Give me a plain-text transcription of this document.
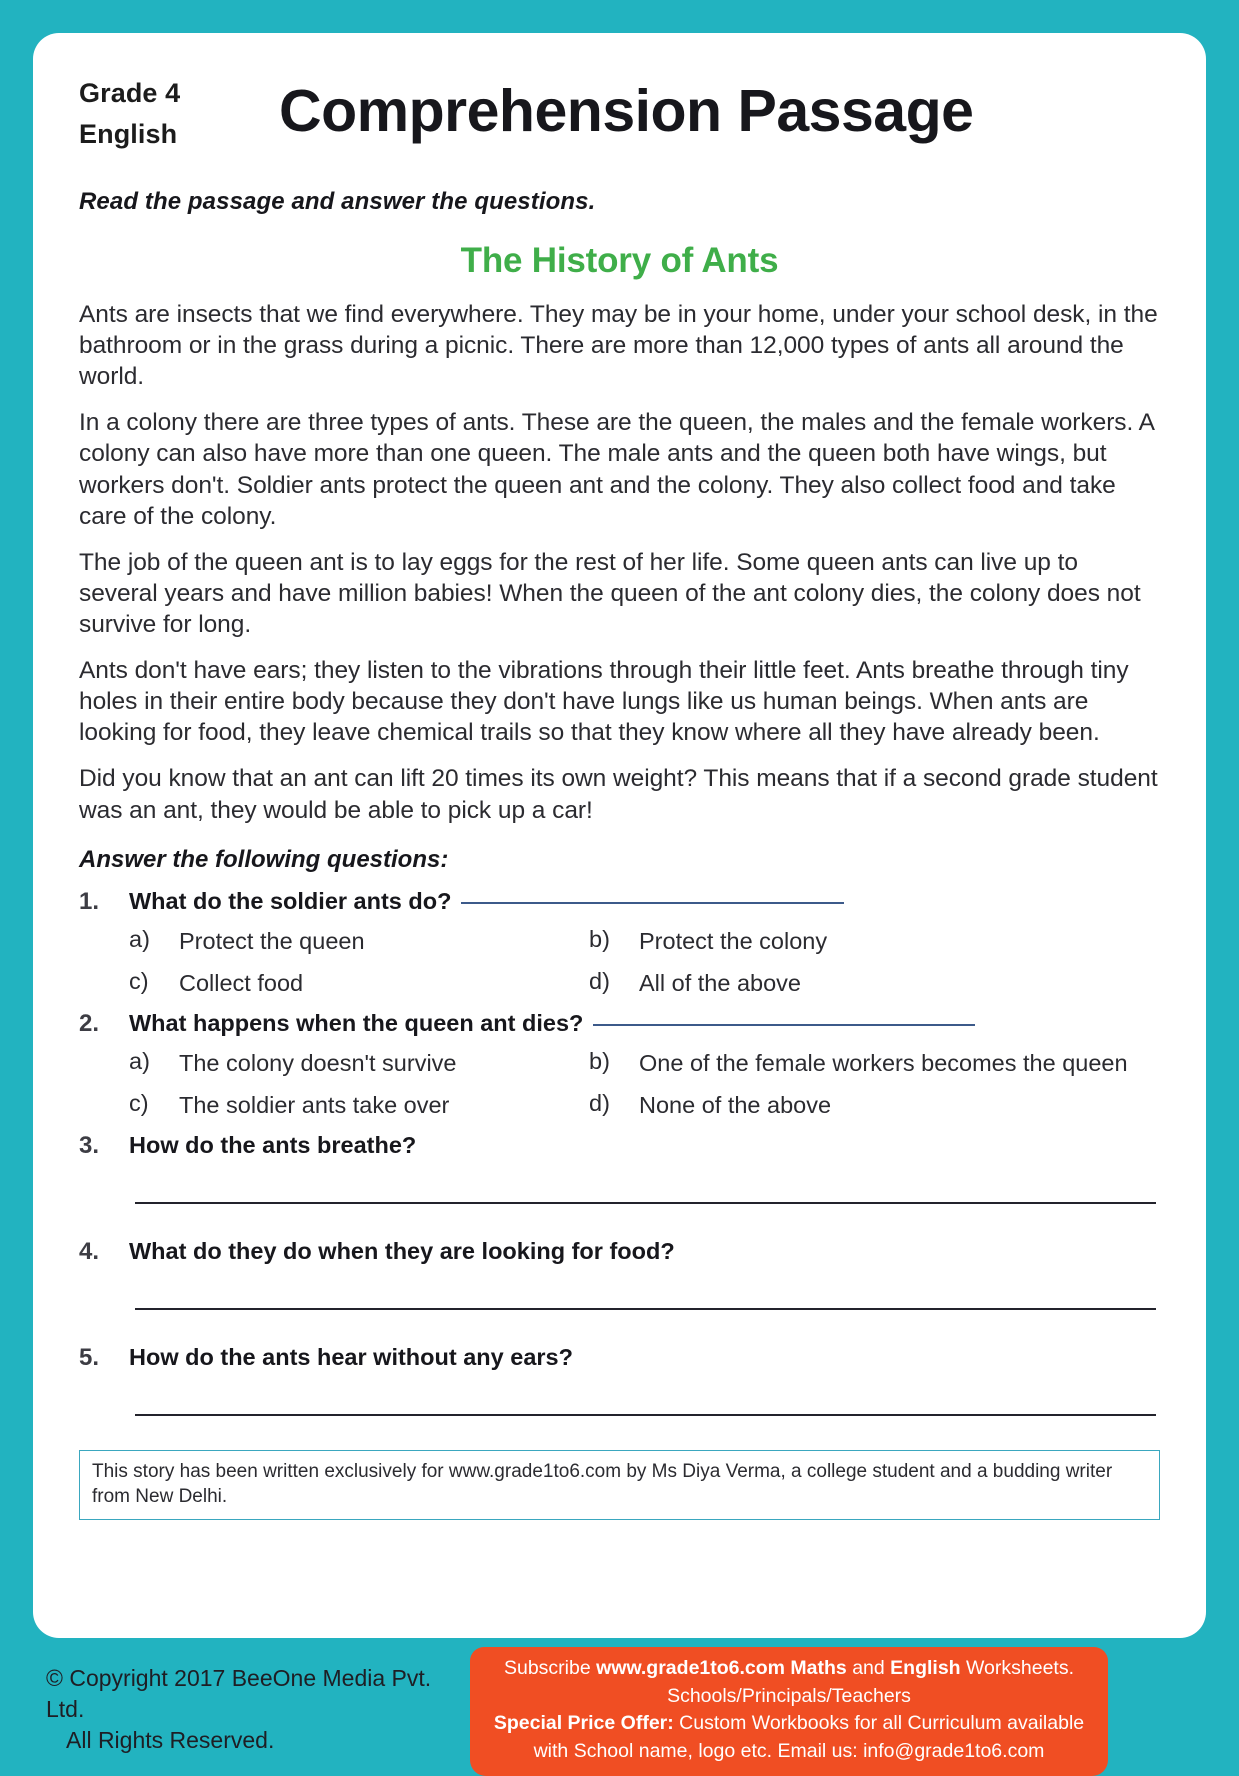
Grade 4
English	Comprehension Passage
Read the passage and answer the questions.
The History of Ants

Ants are insects that we find everywhere. They may be in your home, under your school desk, in the bathroom or in the grass during a picnic. There are more than 12,000 types of ants all around the world.

In a colony there are three types of ants. These are the queen, the males and the female workers. A colony can also have more than one queen. The male ants and the queen both have wings, but workers don't. Soldier ants protect the queen ant and the colony. They also collect food and take care of the colony.

The job of the queen ant is to lay eggs for the rest of her life. Some queen ants can live up to several years and have million babies! When the queen of the ant colony dies, the colony does not survive for long.

Ants don't have ears; they listen to the vibrations through their little feet. Ants breathe through tiny holes in their entire body because they don't have lungs like us human beings. When ants are looking for food, they leave chemical trails so that they know where all they have already been.

Did you know that an ant can lift 20 times its own weight? This means that if a second grade student was an ant, they would be able to pick up a car!

Answer the following questions:
1.	What do the soldier ants do?
a)	Protect the queen	b)	Protect the colony
c)	Collect food	d)	All of the above
2.	What happens when the queen ant dies?
a)	The colony doesn't survive	b)	One of the female workers becomes the queen
c)	The soldier ants take over	d)	None of the above
3.	How do the ants breathe?
4.	What do they do when they are looking for food?
5.	How do the ants hear without any ears?
This story has been written exclusively for www.grade1to6.com by Ms Diya Verma, a college student and a budding writer from New Delhi.
© Copyright 2017 BeeOne Media Pvt. Ltd.
All Rights Reserved.
Subscribe www.grade1to6.com Maths and English Worksheets.
Schools/Principals/Teachers
Special Price Offer: Custom Workbooks for all Curriculum available
with School name, logo etc. Email us: info@grade1to6.com
